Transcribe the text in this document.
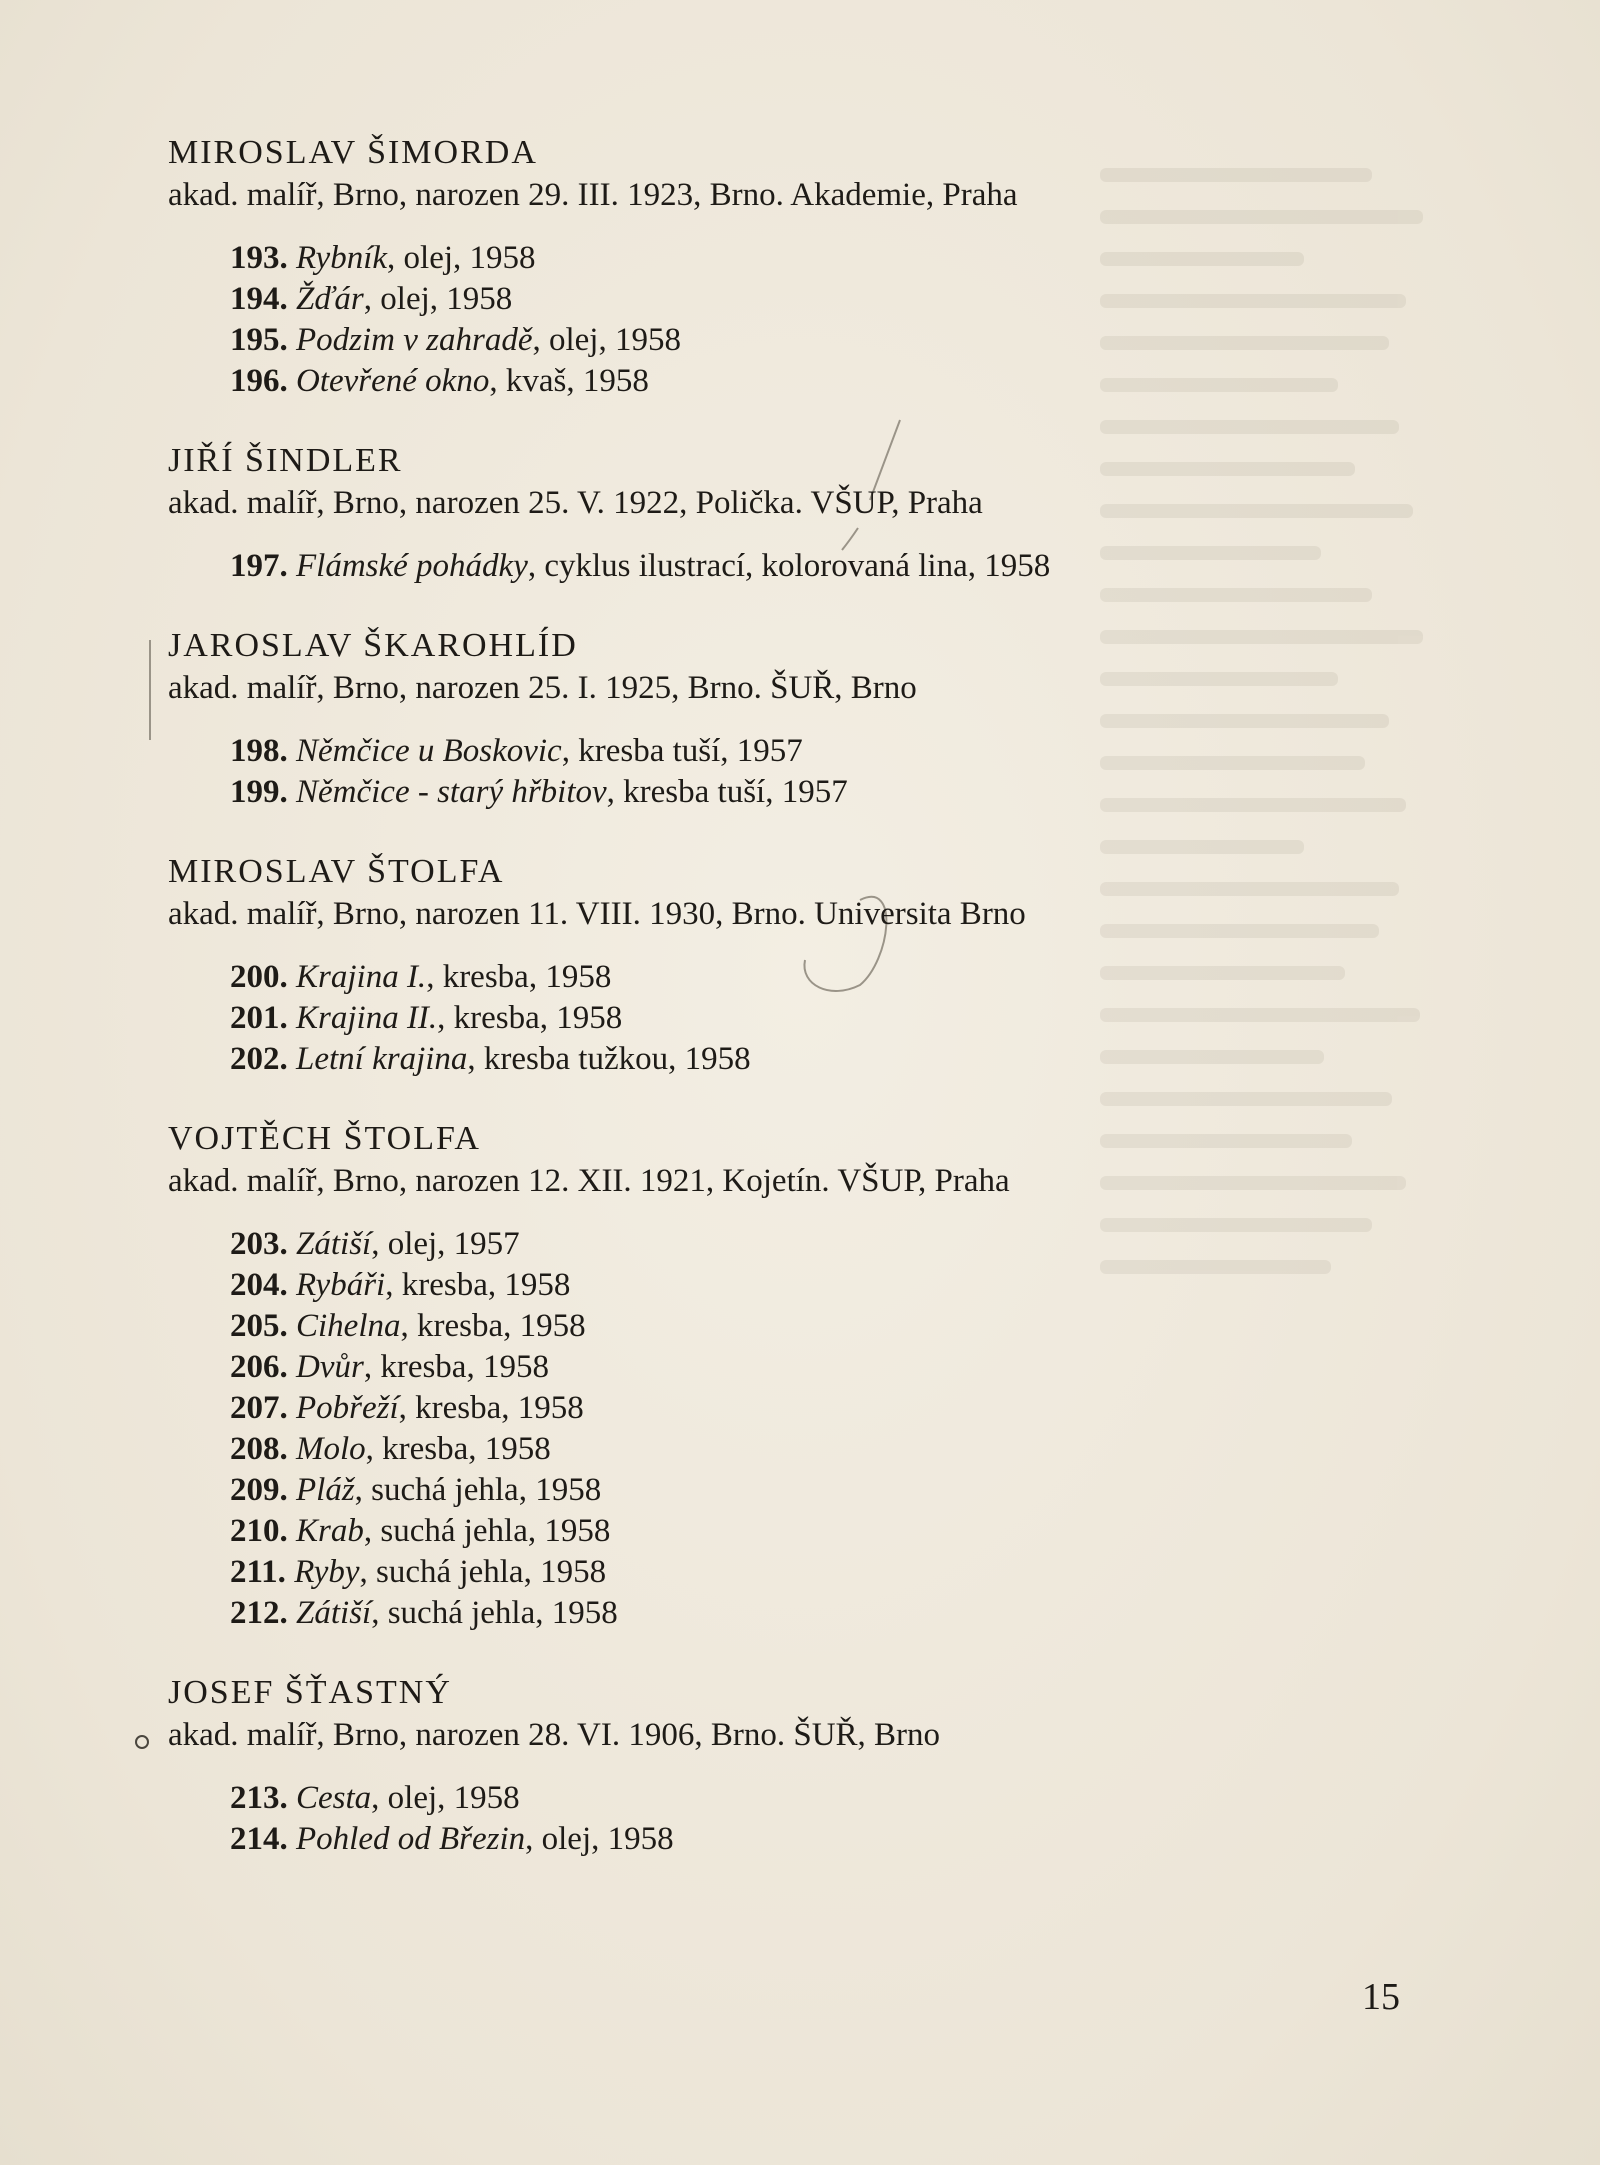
MIROSLAV ŠIMORDA
akad. malíř, Brno, narozen 29. III. 1923, Brno. Akademie, Praha
193. Rybník, olej, 1958
194. Žďár, olej, 1958
195. Podzim v zahradě, olej, 1958
196. Otevřené okno, kvaš, 1958
JIŘÍ ŠINDLER
akad. malíř, Brno, narozen 25. V. 1922, Polička. VŠUP, Praha
197. Flámské pohádky, cyklus ilustrací, kolorovaná lina, 1958
JAROSLAV ŠKAROHLÍD
akad. malíř, Brno, narozen 25. I. 1925, Brno. ŠUŘ, Brno
198. Němčice u Boskovic, kresba tuší, 1957
199. Němčice - starý hřbitov, kresba tuší, 1957
MIROSLAV ŠTOLFA
akad. malíř, Brno, narozen 11. VIII. 1930, Brno. Universita Brno
200. Krajina I., kresba, 1958
201. Krajina II., kresba, 1958
202. Letní krajina, kresba tužkou, 1958
VOJTĚCH ŠTOLFA
akad. malíř, Brno, narozen 12. XII. 1921, Kojetín. VŠUP, Praha
203. Zátiší, olej, 1957
204. Rybáři, kresba, 1958
205. Cihelna, kresba, 1958
206. Dvůr, kresba, 1958
207. Pobřeží, kresba, 1958
208. Molo, kresba, 1958
209. Pláž, suchá jehla, 1958
210. Krab, suchá jehla, 1958
211. Ryby, suchá jehla, 1958
212. Zátiší, suchá jehla, 1958
JOSEF ŠŤASTNÝ
akad. malíř, Brno, narozen 28. VI. 1906, Brno. ŠUŘ, Brno
213. Cesta, olej, 1958
214. Pohled od Březin, olej, 1958
15
